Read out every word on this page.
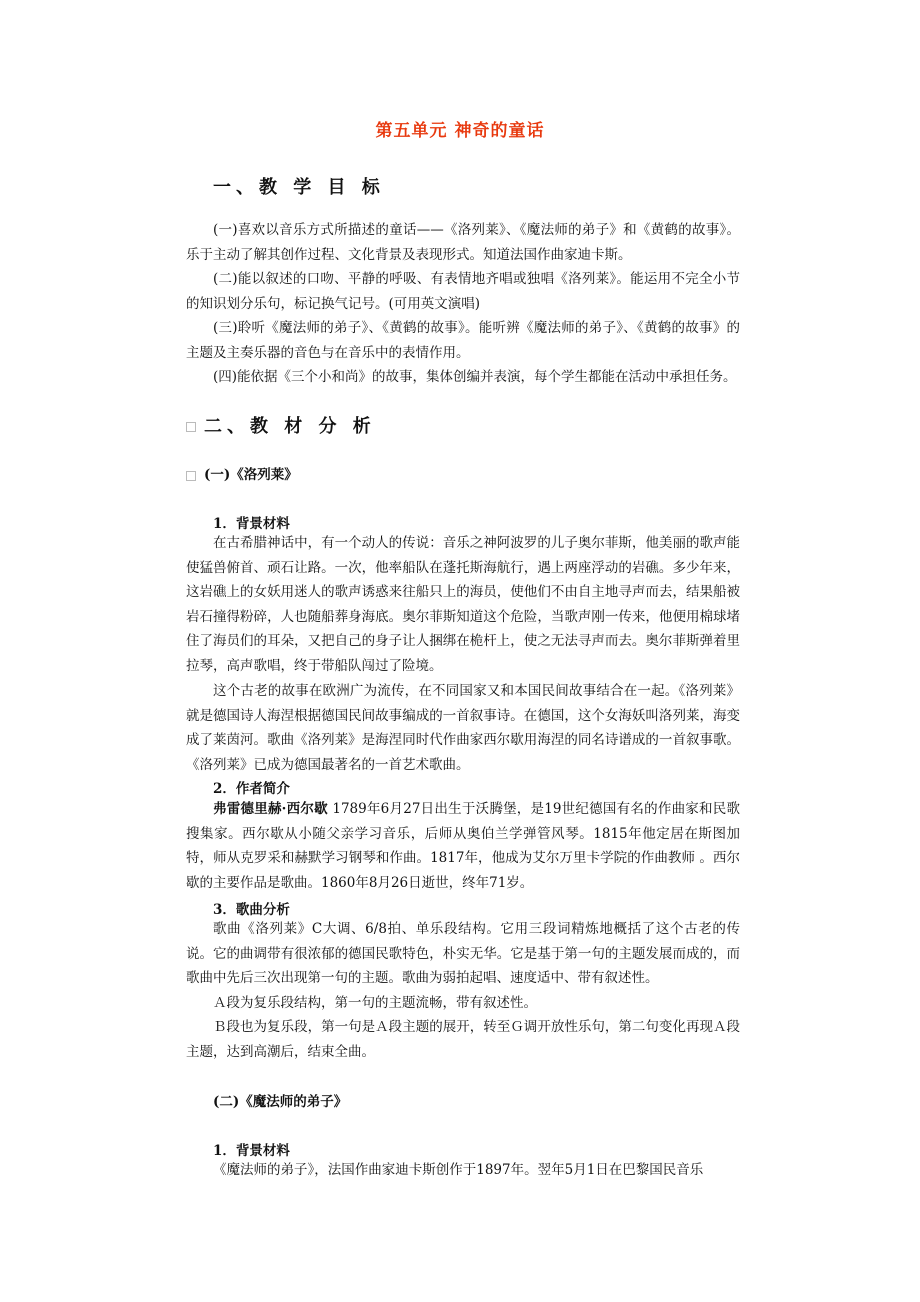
第五单元 神奇的童话
一、教 学 目 标

(一)喜欢以音乐方式所描述的童话——《洛列莱》、《魔法师的弟子》和《黄鹤的故事》。乐于主动了解其创作过程、文化背景及表现形式。知道法国作曲家迪卡斯。

(二)能以叙述的口吻、平静的呼吸、有表情地齐唱或独唱《洛列莱》。能运用不完全小节的知识划分乐句，标记换气记号。(可用英文演唱)

(三)聆听《魔法师的弟子》、《黄鹤的故事》。能听辨《魔法师的弟子》、《黄鹤的故事》的主题及主奏乐器的音色与在音乐中的表情作用。

(四)能依据《三个小和尚》的故事，集体创编并表演，每个学生都能在活动中承担任务。

二、教 材 分 析
(一)《洛列莱》
1．背景材料

在古希腊神话中，有一个动人的传说：音乐之神阿波罗的儿子奥尔菲斯，他美丽的歌声能使猛兽俯首、顽石让路。一次，他率船队在蓬托斯海航行，遇上两座浮动的岩礁。多少年来，这岩礁上的女妖用迷人的歌声诱惑来往船只上的海员，使他们不由自主地寻声而去，结果船被岩石撞得粉碎，人也随船葬身海底。奥尔菲斯知道这个危险，当歌声刚一传来，他便用棉球堵住了海员们的耳朵，又把自己的身子让人捆绑在桅杆上，使之无法寻声而去。奥尔菲斯弹着里拉琴，高声歌唱，终于带船队闯过了险境。

这个古老的故事在欧洲广为流传，在不同国家又和本国民间故事结合在一起。《洛列莱》就是德国诗人海涅根据德国民间故事编成的一首叙事诗。在德国，这个女海妖叫洛列莱，海变成了莱茵河。歌曲《洛列莱》是海涅同时代作曲家西尔歇用海涅的同名诗谱成的一首叙事歌。《洛列莱》已成为德国最著名的一首艺术歌曲。

2．作者简介

弗雷德里赫·西尔歇 1789年6月27日出生于沃腾堡，是19世纪德国有名的作曲家和民歌搜集家。西尔歇从小随父亲学习音乐，后师从奥伯兰学弹管风琴。1815年他定居在斯图加特，师从克罗采和赫默学习钢琴和作曲。1817年，他成为艾尔万里卡学院的作曲教师 。西尔歇的主要作品是歌曲。1860年8月26日逝世，终年71岁。

3．歌曲分析

歌曲《洛列莱》C大调、6/8拍、单乐段结构。它用三段词精炼地概括了这个古老的传说。它的曲调带有很浓郁的德国民歌特色，朴实无华。它是基于第一句的主题发展而成的，而歌曲中先后三次出现第一句的主题。歌曲为弱拍起唱、速度适中、带有叙述性。

Ａ段为复乐段结构，第一句的主题流畅，带有叙述性。

Ｂ段也为复乐段，第一句是Ａ段主题的展开，转至Ｇ调开放性乐句，第二句变化再现Ａ段主题，达到高潮后，结束全曲。

(二)《魔法师的弟子》
1．背景材料

《魔法师的弟子》，法国作曲家迪卡斯创作于1897年。翌年5月1日在巴黎国民音乐
